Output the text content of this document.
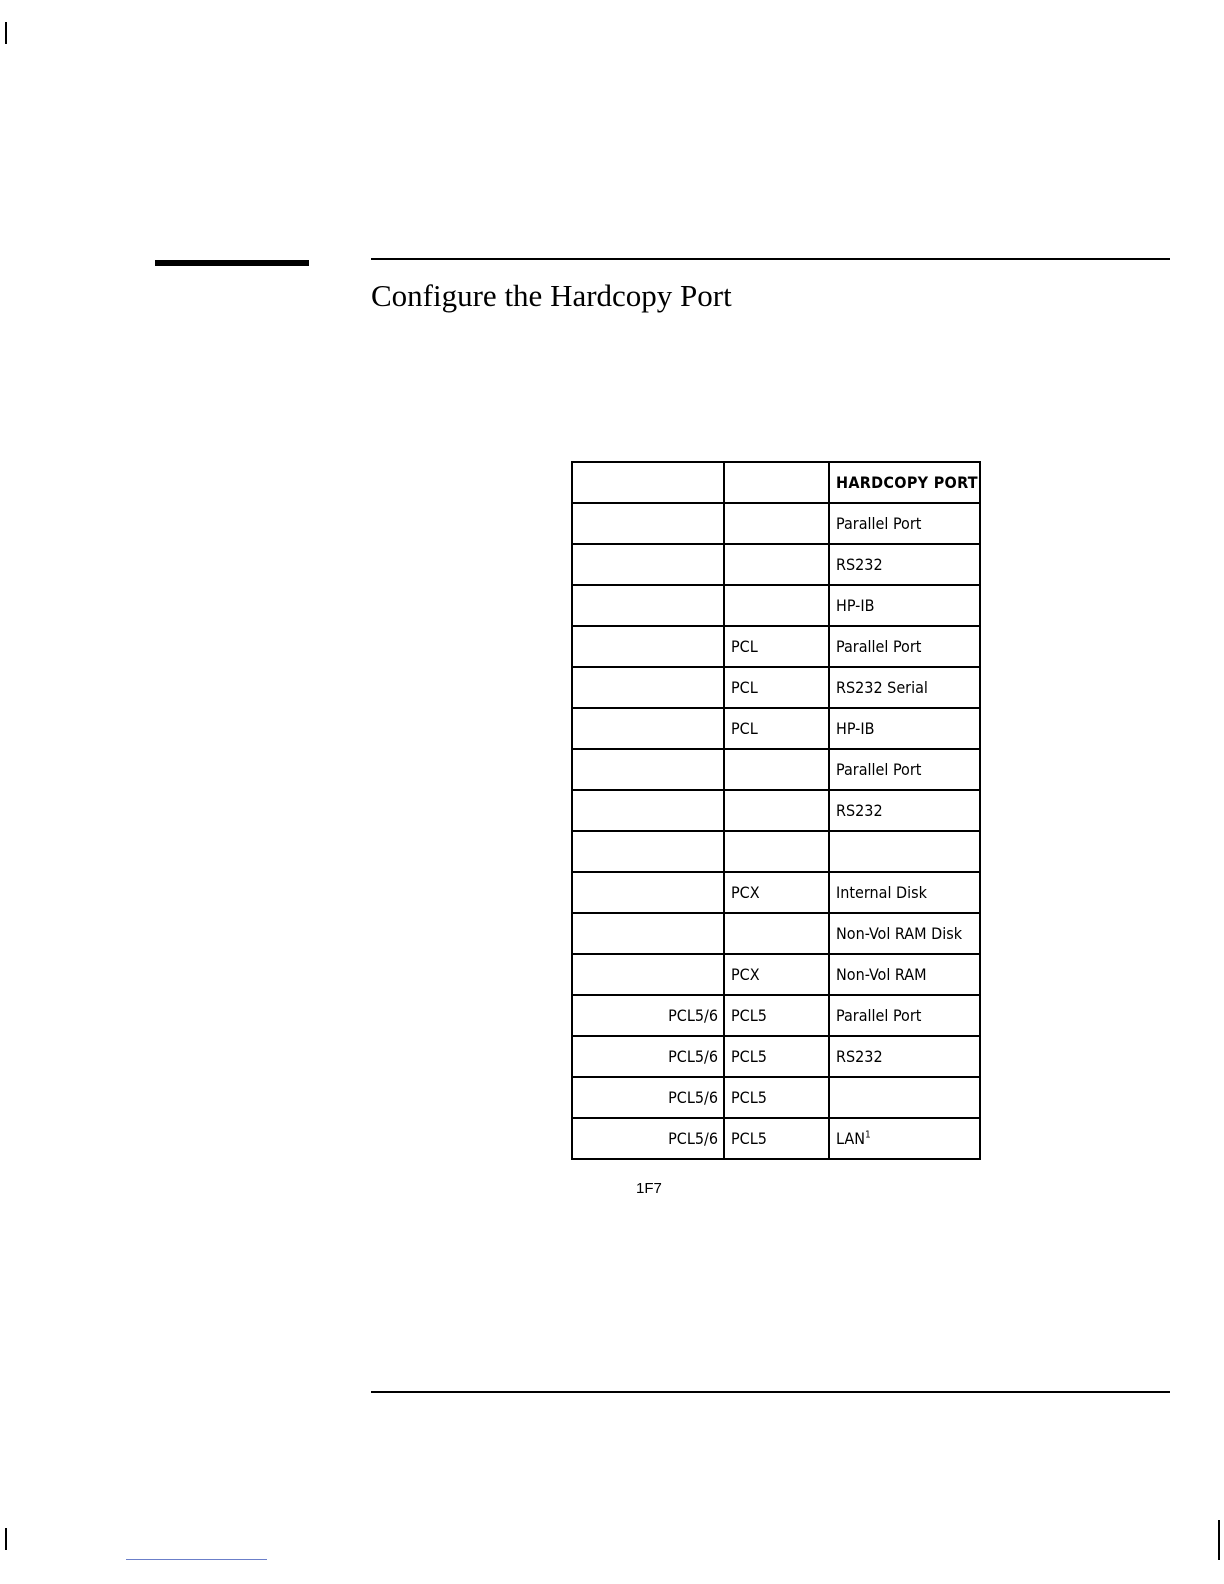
Configure the Hardcopy Port
		HARDCOPY PORT
		Parallel Port
		RS232
		HP-IB
	PCL	Parallel Port
	PCL	RS232 Serial
	PCL	HP-IB
		Parallel Port
		RS232

	PCX	Internal Disk
		Non-Vol RAM Disk
	PCX	Non-Vol RAM
PCL5/6	PCL5	Parallel Port
PCL5/6	PCL5	RS232
PCL5/6	PCL5	
PCL5/6	PCL5	LAN$^1$
1F7
